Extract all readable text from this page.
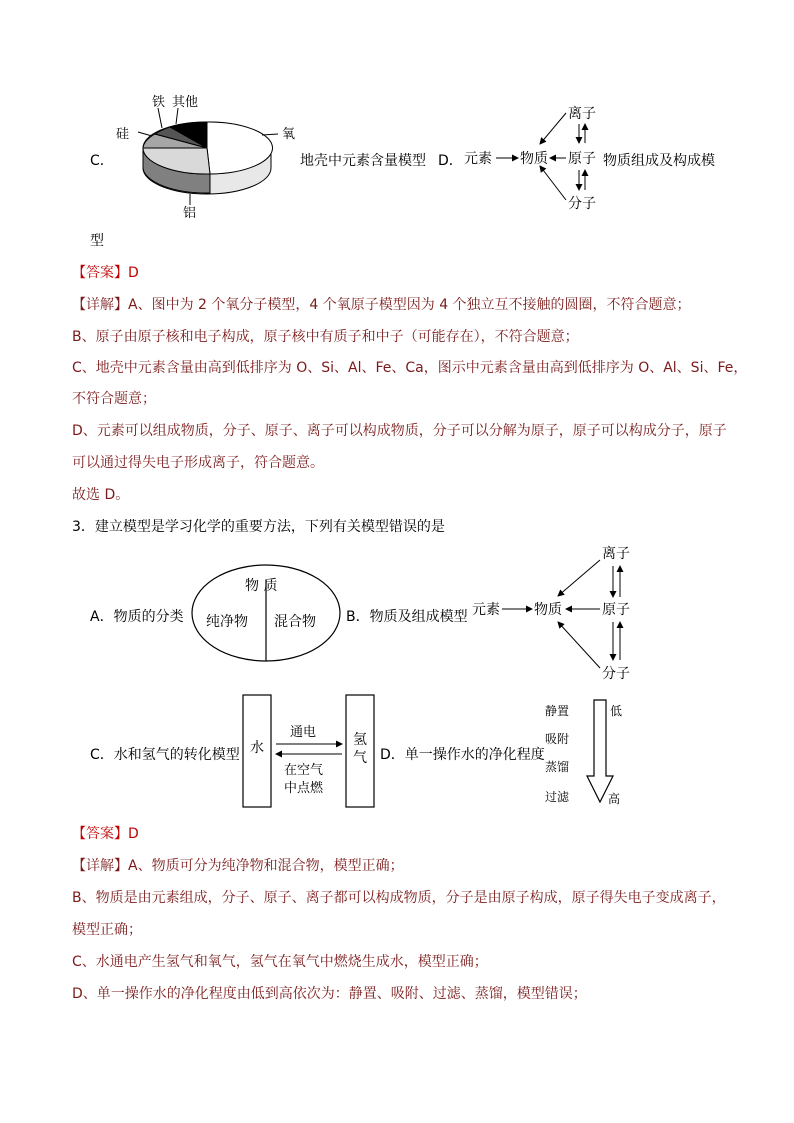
C．
铁 其他
硅	氧
铝
地壳中元素含量模型 D． 元素 物质
离子
原子
分子
物质组成及构成模
型
【答案】D
【详解】A、图中为 2 个氧分子模型，4 个氧原子模型因为 4 个独立互不接触的圆圈，不符合题意；
B、原子由原子核和电子构成，原子核中有质子和中子（可能存在），不符合题意；
C、地壳中元素含量由高到低排序为 O、Si、Al、Fe、Ca，图示中元素含量由高到低排序为 O、Al、Si、Fe，
不符合题意；
D、元素可以组成物质，分子、原子、离子可以构成物质，分子可以分解为原子，原子可以构成分子，原子
可以通过得失电子形成离子，符合题意。
故选 D。
3．建立模型是学习化学的重要方法，下列有关模型错误的是
A．物质的分类
物 质
纯净物 混合物 B．物质及组成模型 元素 物质
离子
原子
分子
C．水和氢气的转化模型 水	氢
气
通电
在空气
中点燃
D．单一操作水的净化程度
静置
吸附
蒸馏
过滤
低
高
【答案】D
【详解】A、物质可分为纯净物和混合物，模型正确；
B、物质是由元素组成，分子、原子、离子都可以构成物质，分子是由原子构成，原子得失电子变成离子，
模型正确；
C、水通电产生氢气和氧气，氢气在氧气中燃烧生成水，模型正确；
D、单一操作水的净化程度由低到高依次为：静置、吸附、过滤、蒸馏，模型错误；
